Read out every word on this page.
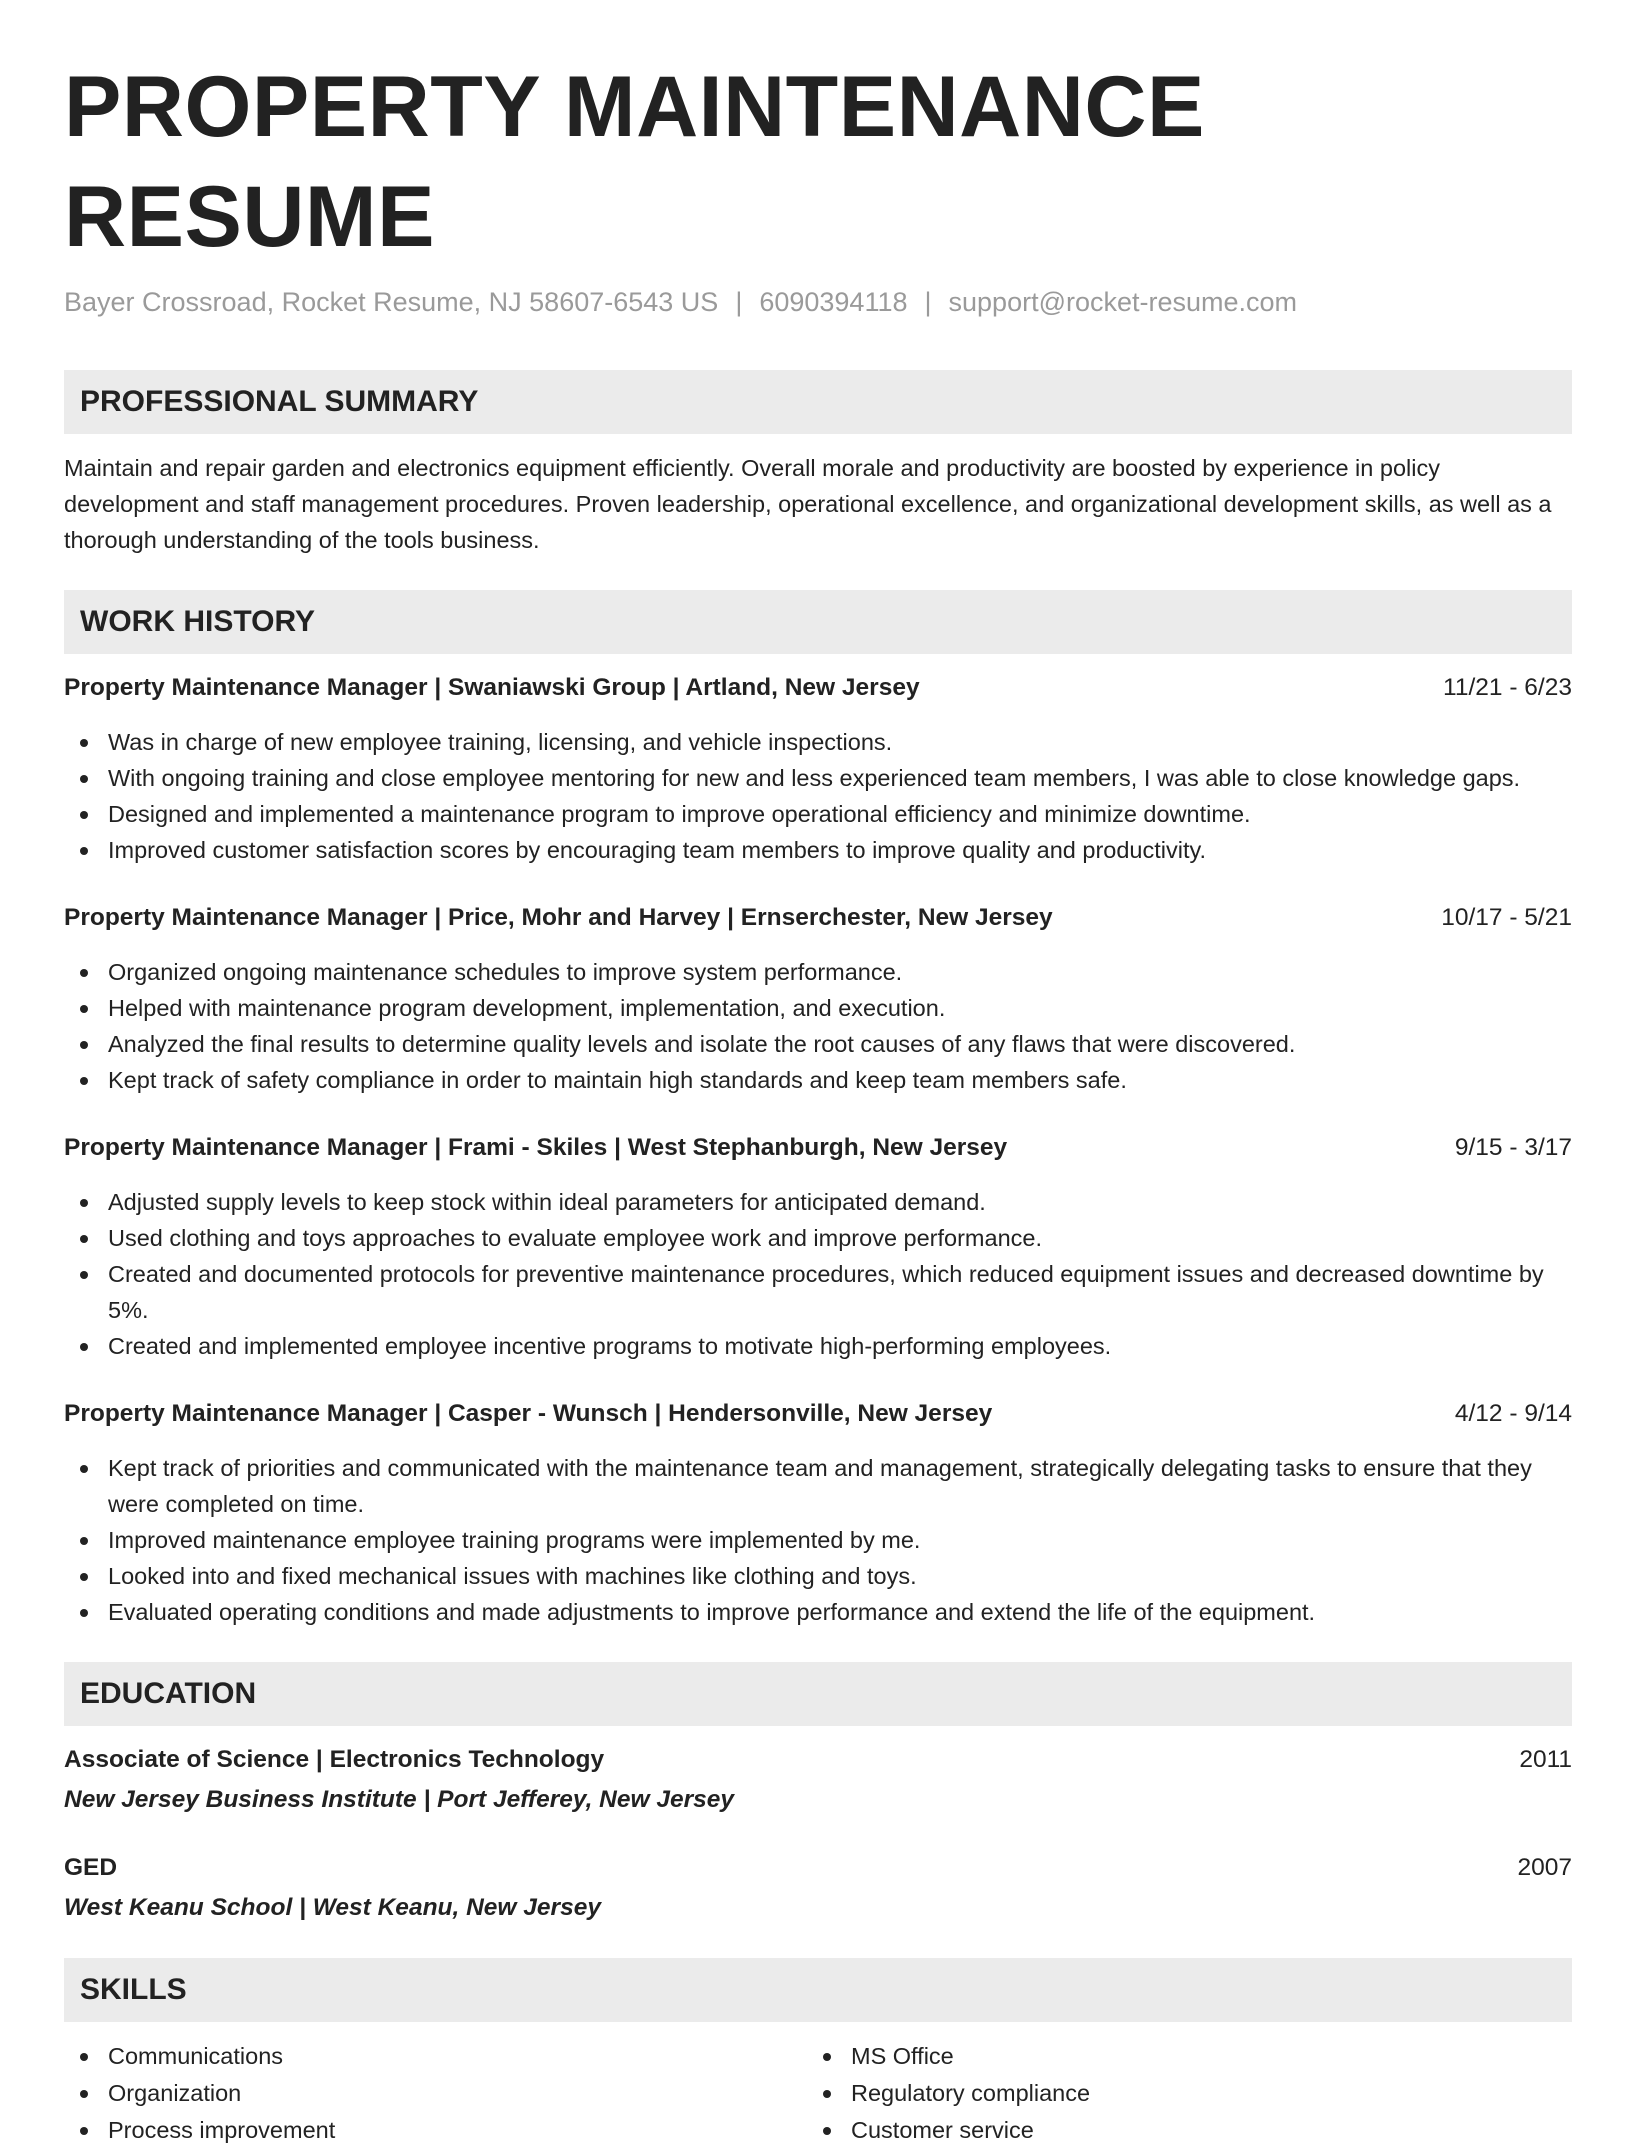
PROPERTY MAINTENANCE RESUME
Bayer Crossroad, Rocket Resume, NJ 58607-6543 US | 6090394118 | support@rocket-resume.com
PROFESSIONAL SUMMARY

Maintain and repair garden and electronics equipment efficiently. Overall morale and productivity are boosted by experience in policy development and staff management procedures. Proven leadership, operational excellence, and organizational development skills, as well as a thorough understanding of the tools business.

WORK HISTORY
Property Maintenance Manager | Swaniawski Group | Artland, New Jersey	11/21 - 6/23
Was in charge of new employee training, licensing, and vehicle inspections.
With ongoing training and close employee mentoring for new and less experienced team members, I was able to close knowledge gaps.
Designed and implemented a maintenance program to improve operational efficiency and minimize downtime.
Improved customer satisfaction scores by encouraging team members to improve quality and productivity.
Property Maintenance Manager | Price, Mohr and Harvey | Ernserchester, New Jersey	10/17 - 5/21
Organized ongoing maintenance schedules to improve system performance.
Helped with maintenance program development, implementation, and execution.
Analyzed the final results to determine quality levels and isolate the root causes of any flaws that were discovered.
Kept track of safety compliance in order to maintain high standards and keep team members safe.
Property Maintenance Manager | Frami - Skiles | West Stephanburgh, New Jersey	9/15 - 3/17
Adjusted supply levels to keep stock within ideal parameters for anticipated demand.
Used clothing and toys approaches to evaluate employee work and improve performance.
Created and documented protocols for preventive maintenance procedures, which reduced equipment issues and decreased downtime by 5%.
Created and implemented employee incentive programs to motivate high-performing employees.
Property Maintenance Manager | Casper - Wunsch | Hendersonville, New Jersey	4/12 - 9/14
Kept track of priorities and communicated with the maintenance team and management, strategically delegating tasks to ensure that they were completed on time.
Improved maintenance employee training programs were implemented by me.
Looked into and fixed mechanical issues with machines like clothing and toys.
Evaluated operating conditions and made adjustments to improve performance and extend the life of the equipment.
EDUCATION
Associate of Science | Electronics Technology	2011
New Jersey Business Institute | Port Jefferey, New Jersey
GED	2007
West Keanu School | West Keanu, New Jersey
SKILLS
Communications
Organization
Process improvement
MS Office
Regulatory compliance
Customer service
